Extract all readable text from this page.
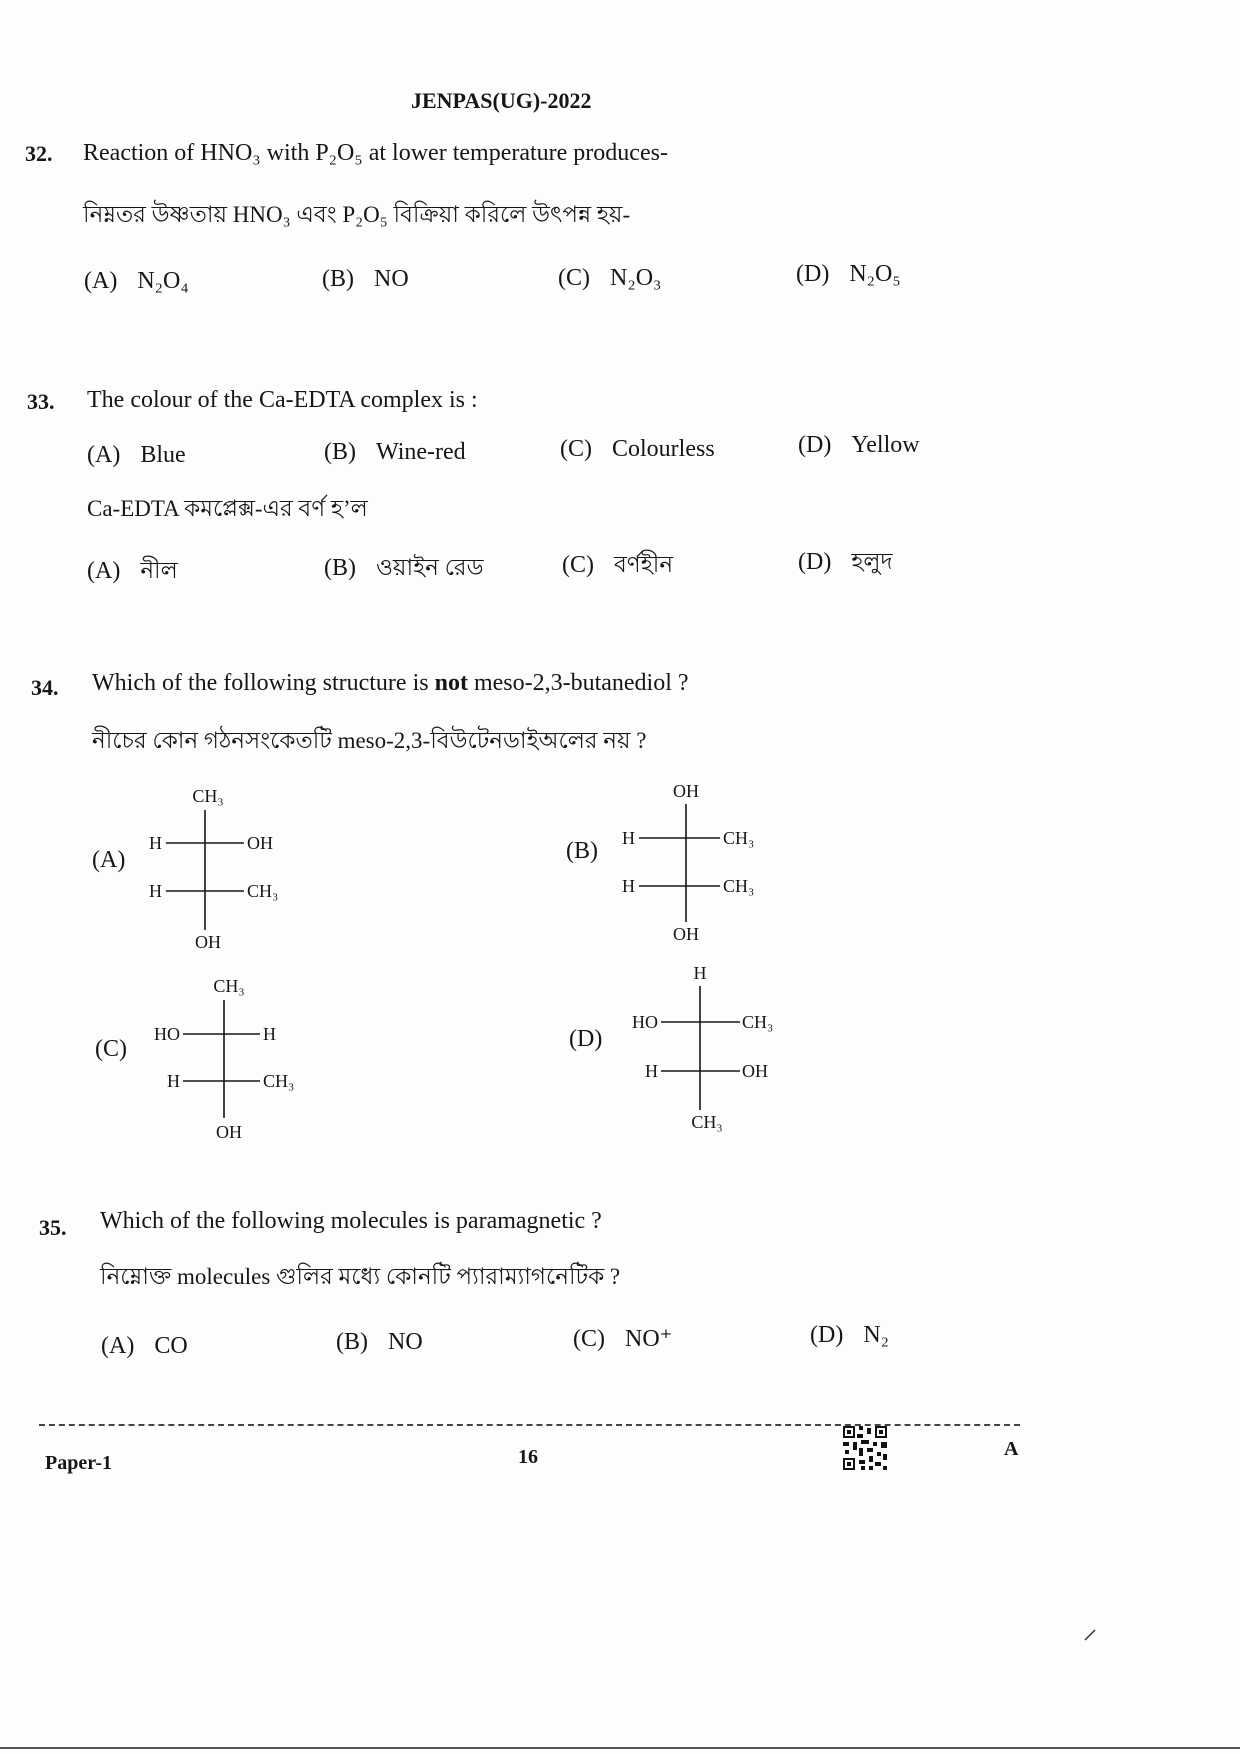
JENPAS(UG)-2022
32. Reaction of HNO₃ with P₂O₅ at lower temperature produces-
নিম্নতর উষ্ণতায় HNO₃ এবং P₂O₅ বিক্রিয়া করিলে উৎপন্ন হয়-
(A) N₂O₄	(B) NO	(C) N₂O₃	(D) N₂O₅
33. The colour of the Ca-EDTA complex is :
(A) Blue	(B) Wine-red	(C) Colourless	(D) Yellow
Ca-EDTA কমপ্লেক্স-এর বর্ণ হ’ল
(A) নীল	(B) ওয়াইন রেড	(C) বর্ণহীন	(D) হলুদ
34. Which of the following structure is not meso-2,3-butanediol ?
নীচের কোন গঠনসংকেতটি meso-2,3-বিউটেনডাইঅলের নয় ?
(A)
CH₃
H	OH
H	CH₃
OH
(B)
OH
H	CH₃
H	CH₃
OH
(C)
CH₃
HO	H
H	CH₃
OH
(D)
H
HO	CH₃
H	OH
CH₃
35. Which of the following molecules is paramagnetic ?
নিম্নোক্ত molecules গুলির মধ্যে কোনটি প্যারাম্যাগনেটিক ?
(A) CO	(B) NO	(C) NO⁺	(D) N₂
Paper-1	16	A
